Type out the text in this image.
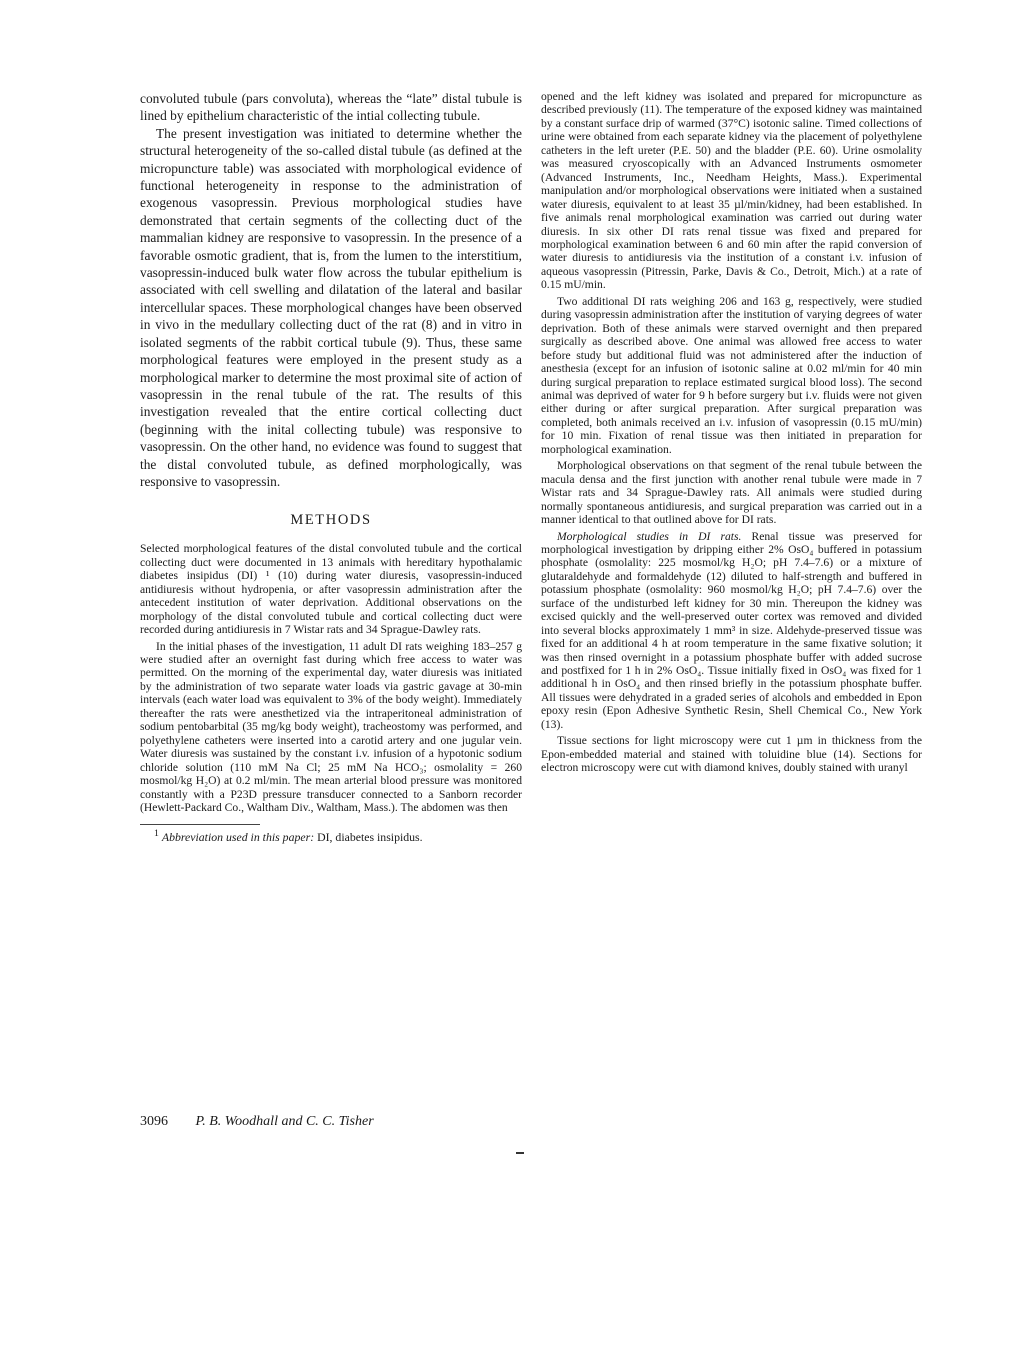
convoluted tubule (pars convoluta), whereas the “late” distal tubule is lined by epithelium characteristic of the intial collecting tubule.

The present investigation was initiated to determine whether the structural heterogeneity of the so-called distal tubule (as defined at the micropuncture table) was associated with morphological evidence of functional heterogeneity in response to the administration of exogenous vasopressin. Previous morphological studies have demonstrated that certain segments of the collecting duct of the mammalian kidney are responsive to vasopressin. In the presence of a favorable osmotic gradient, that is, from the lumen to the interstitium, vasopressin-induced bulk water flow across the tubular epithelium is associated with cell swelling and dilatation of the lateral and basilar intercellular spaces. These morphological changes have been observed in vivo in the medullary collecting duct of the rat (8) and in vitro in isolated segments of the rabbit cortical tubule (9). Thus, these same morphological features were employed in the present study as a morphological marker to determine the most proximal site of action of vasopressin in the renal tubule of the rat. The results of this investigation revealed that the entire cortical collecting duct (beginning with the inital collecting tubule) was responsive to vasopressin. On the other hand, no evidence was found to suggest that the distal convoluted tubule, as defined morphologically, was responsive to vasopressin.

METHODS

Selected morphological features of the distal convoluted tubule and the cortical collecting duct were documented in 13 animals with hereditary hypothalamic diabetes insipidus (DI) ¹ (10) during water diuresis, vasopressin-induced antidiuresis without hydropenia, or after vasopressin administration after the antecedent institution of water deprivation. Additional observations on the morphology of the distal convoluted tubule and cortical collecting duct were recorded during antidiuresis in 7 Wistar rats and 34 Sprague-Dawley rats.

In the initial phases of the investigation, 11 adult DI rats weighing 183–257 g were studied after an overnight fast during which free access to water was permitted. On the morning of the experimental day, water diuresis was initiated by the administration of two separate water loads via gastric gavage at 30-min intervals (each water load was equivalent to 3% of the body weight). Immediately thereafter the rats were anesthetized via the intraperitoneal administration of sodium pentobarbital (35 mg/kg body weight), tracheostomy was performed, and polyethylene catheters were inserted into a carotid artery and one jugular vein. Water diuresis was sustained by the constant i.v. infusion of a hypotonic sodium chloride solution (110 mM Na Cl; 25 mM Na HCO₃; osmolality = 260 mosmol/kg H₂O) at 0.2 ml/min. The mean arterial blood pressure was monitored constantly with a P23D pressure transducer connected to a Sanborn recorder (Hewlett-Packard Co., Waltham Div., Waltham, Mass.). The abdomen was then

$^1$ Abbreviation used in this paper: DI, diabetes insipidus.

opened and the left kidney was isolated and prepared for micropuncture as described previously (11). The temperature of the exposed kidney was maintained by a constant surface drip of warmed (37°C) isotonic saline. Timed collections of urine were obtained from each separate kidney via the placement of polyethylene catheters in the left ureter (P.E. 50) and the bladder (P.E. 60). Urine osmolality was measured cryoscopically with an Advanced Instruments osmometer (Advanced Instruments, Inc., Needham Heights, Mass.). Experimental manipulation and/or morphological observations were initiated when a sustained water diuresis, equivalent to at least 35 µl/min/kidney, had been established. In five animals renal morphological examination was carried out during water diuresis. In six other DI rats renal tissue was fixed and prepared for morphological examination between 6 and 60 min after the rapid conversion of water diuresis to antidiuresis via the institution of a constant i.v. infusion of aqueous vasopressin (Pitressin, Parke, Davis & Co., Detroit, Mich.) at a rate of 0.15 mU/min.

Two additional DI rats weighing 206 and 163 g, respectively, were studied during vasopressin administration after the institution of varying degrees of water deprivation. Both of these animals were starved overnight and then prepared surgically as described above. One animal was allowed free access to water before study but additional fluid was not administered after the induction of anesthesia (except for an infusion of isotonic saline at 0.02 ml/min for 40 min during surgical preparation to replace estimated surgical blood loss). The second animal was deprived of water for 9 h before surgery but i.v. fluids were not given either during or after surgical preparation. After surgical preparation was completed, both animals received an i.v. infusion of vasopressin (0.15 mU/min) for 10 min. Fixation of renal tissue was then initiated in preparation for morphological examination.

Morphological observations on that segment of the renal tubule between the macula densa and the first junction with another renal tubule were made in 7 Wistar rats and 34 Sprague-Dawley rats. All animals were studied during normally spontaneous antidiuresis, and surgical preparation was carried out in a manner identical to that outlined above for DI rats.

Morphological studies in DI rats. Renal tissue was preserved for morphological investigation by dripping either 2% OsO₄ buffered in potassium phosphate (osmolality: 225 mosmol/kg H₂O; pH 7.4–7.6) or a mixture of glutaraldehyde and formaldehyde (12) diluted to half-strength and buffered in potassium phosphate (osmolality: 960 mosmol/kg H₂O; pH 7.4–7.6) over the surface of the undisturbed left kidney for 30 min. Thereupon the kidney was excised quickly and the well-preserved outer cortex was removed and divided into several blocks approximately 1 mm³ in size. Aldehyde-preserved tissue was fixed for an additional 4 h at room temperature in the same fixative solution; it was then rinsed overnight in a potassium phosphate buffer with added sucrose and postfixed for 1 h in 2% OsO₄. Tissue initially fixed in OsO₄ was fixed for 1 additional h in OsO₄ and then rinsed briefly in the potassium phosphate buffer. All tissues were dehydrated in a graded series of alcohols and embedded in Epon epoxy resin (Epon Adhesive Synthetic Resin, Shell Chemical Co., New York (13).

Tissue sections for light microscopy were cut 1 µm in thickness from the Epon-embedded material and stained with toluidine blue (14). Sections for electron microscopy were cut with diamond knives, doubly stained with uranyl

3096 P. B. Woodhall and C. C. Tisher
